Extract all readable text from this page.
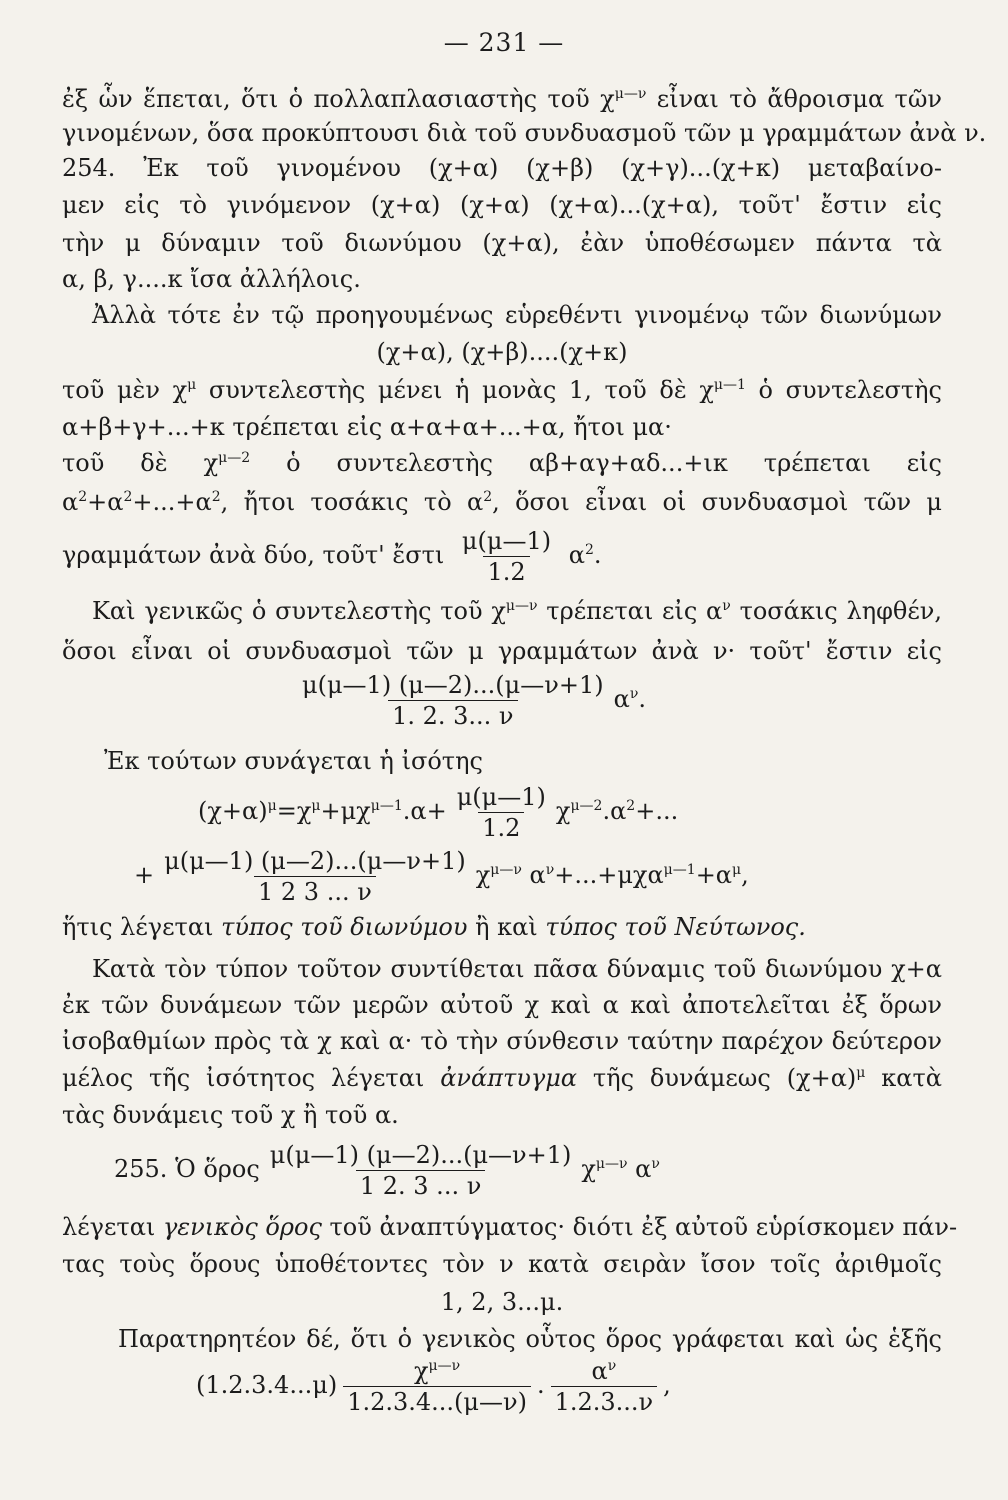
— 231 —
ἐξ ὧν ἕπεται, ὅτι ὁ πολλαπλασιαστὴς τοῦ $\chi^{\mu—\nu}$ εἶναι τὸ ἄθροισμα τῶν
γινομένων, ὅσα προκύπτουσι διὰ τοῦ συνδυασμοῦ τῶν μ γραμμάτων ἀνὰ ν.
254. Ἐκ τοῦ γινομένου (χ+α) (χ+β) (χ+γ)...(χ+κ) μεταβαίνο-
μεν εἰς τὸ γινόμενον (χ+α) (χ+α) (χ+α)...(χ+α), τοῦτ' ἔστιν εἰς
τὴν μ δύναμιν τοῦ διωνύμου (χ+α), ἐὰν ὑποθέσωμεν πάντα τὰ
α, β, γ....κ ἴσα ἀλλήλοις.
Ἀλλὰ τότε ἐν τῷ προηγουμένως εὑρεθέντι γινομένῳ τῶν διωνύμων
(χ+α), (χ+β)....(χ+κ)
τοῦ μὲν $\chi^\mu$ συντελεστὴς μένει ἡ μονὰς 1, τοῦ δὲ $\chi^{\mu—1}$ ὁ συντελεστὴς
α+β+γ+...+κ τρέπεται εἰς α+α+α+...+α, ἤτοι μα·
τοῦ δὲ $\chi^{\mu—2}$ ὁ συντελεστὴς αβ+αγ+αδ...+ικ τρέπεται εἰς
$\alpha^2+\alpha^2+...+\alpha^2$, ἤτοι τοσάκις τὸ $\alpha^2$, ὅσοι εἶναι οἱ συνδυασμοὶ τῶν μ
γραμμάτων ἀνὰ δύο, τοῦτ' ἔστι $\frac{\mu(\mu—1)}{1.2} \alpha^2$.
Καὶ γενικῶς ὁ συντελεστὴς τοῦ $\chi^{\mu—\nu}$ τρέπεται εἰς $\alpha^\nu$ τοσάκις ληφθέν,
ὅσοι εἶναι οἱ συνδυασμοὶ τῶν μ γραμμάτων ἀνὰ ν· τοῦτ' ἔστιν εἰς
$\frac{\mu(\mu—1) (\mu—2)...(\mu—\nu+1)}{1. 2. 3... \nu} \alpha^\nu$.
Ἐκ τούτων συνάγεται ἡ ἰσότης
$(\chi+\alpha)^\mu=\chi^\mu+\mu\chi^{\mu—1}.\alpha+ \frac{\mu(\mu—1)}{1.2} \chi^{\mu—2}.\alpha^2+$...
+ $\frac{\mu(\mu—1) (\mu—2)...(\mu—\nu+1)}{1 2 3 ... \nu} \chi^{\mu—\nu}$ $\alpha^\nu+...+\mu\chi\alpha^{\mu—1}+\alpha^\mu$,
ἥτις λέγεται τύπος τοῦ διωνύμου ἢ καὶ τύπος τοῦ Νεύτωνος.
Κατὰ τὸν τύπον τοῦτον συντίθεται πᾶσα δύναμις τοῦ διωνύμου χ+α
ἐκ τῶν δυνάμεων τῶν μερῶν αὐτοῦ χ καὶ α καὶ ἀποτελεῖται ἐξ ὅρων
ἰσοβαθμίων πρὸς τὰ χ καὶ α· τὸ τὴν σύνθεσιν ταύτην παρέχον δεύτερον
μέλος τῆς ἰσότητος λέγεται ἀνάπτυγμα τῆς δυνάμεως $(\chi+\alpha)^\mu$ κατὰ
τὰς δυνάμεις τοῦ χ ἢ τοῦ α.
255. Ὁ ὅρος $\frac{\mu(\mu—1) (\mu—2)...(\mu—\nu+1)}{1 2. 3 ... \nu} \chi^{\mu—\nu}$ $\alpha^\nu$
λέγεται γενικὸς ὅρος τοῦ ἀναπτύγματος· διότι ἐξ αὐτοῦ εὑρίσκομεν πάν-
τας τοὺς ὅρους ὑποθέτοντες τὸν ν κατὰ σειρὰν ἴσον τοῖς ἀριθμοῖς
1, 2, 3...μ.
Παρατηρητέον δέ, ὅτι ὁ γενικὸς οὗτος ὅρος γράφεται καὶ ὡς ἑξῆς
$(1.2.3.4...\mu) \frac{\chi^{\mu—\nu}}{1.2.3.4...(\mu—\nu)}$ . $\frac{\alpha^\nu}{1.2.3...\nu}$ ,
